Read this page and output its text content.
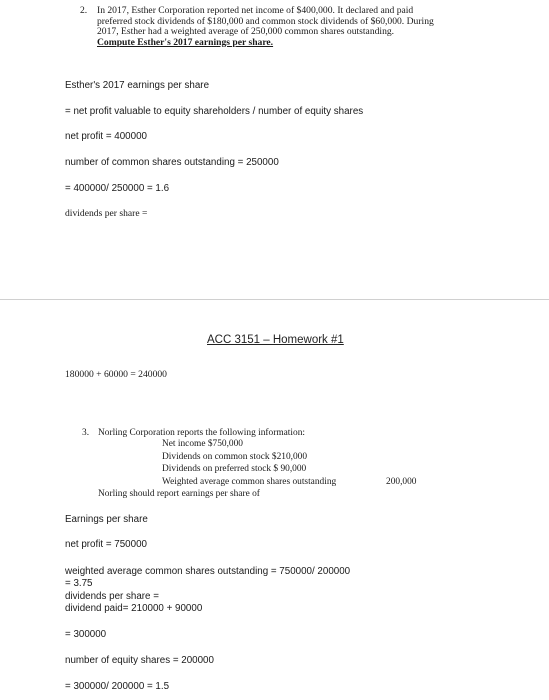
2. In 2017, Esther Corporation reported net income of $400,000. It declared and paid
preferred stock dividends of $180,000 and common stock dividends of $60,000. During
2017, Esther had a weighted average of 250,000 common shares outstanding.
Compute Esther's 2017 earnings per share.
Esther's 2017 earnings per share
= net profit valuable to equity shareholders / number of equity shares
net profit = 400000
number of common shares outstanding = 250000
= 400000/ 250000 = 1.6
dividends per share =
ACC 3151 – Homework #1
180000 + 60000 = 240000
3. Norling Corporation reports the following information:
Net income $750,000
Dividends on common stock $210,000
Dividends on preferred stock $ 90,000
Weighted average common shares outstanding	200,000
Norling should report earnings per share of
Earnings per share
net profit = 750000
weighted average common shares outstanding = 750000/ 200000
= 3.75
dividends per share =
dividend paid= 210000 + 90000
= 300000
number of equity shares = 200000
= 300000/ 200000 = 1.5
